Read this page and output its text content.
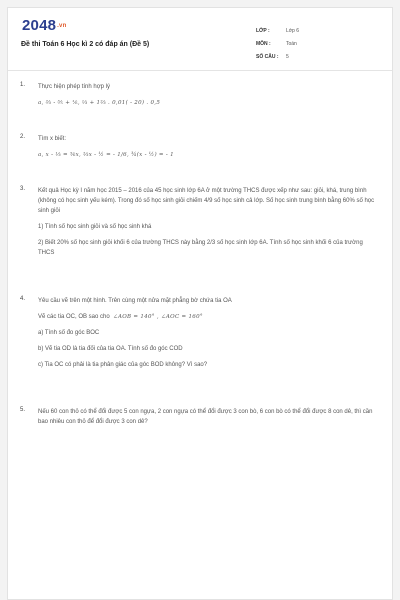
2048.vn
Đề thi Toán 6 Học kì 2 có đáp án (Đề 5)
LỚP :	Lớp 6
MÔN :	Toán
SỐ CÂU :	5
1. Thực hiện phép tính hợp lý

a, ⅔ - ⅗ + ⅙, ⅓ + 1⅔ . 0,01( - 20) . 0,5

2. Tìm x biết:

a, x - ⅓ = ⅚x, ⅔x - ½ = - 1/6, ¾(x - ½) = - 1

3. Kết quả Học kỳ I năm học 2015 – 2016 của 45 học sinh lớp 6A ở một trường THCS được xếp như sau: giỏi, khá, trung bình (không có học sinh yếu kém). Trong đó số học sinh giỏi chiếm 4/9 số học sinh cả lớp. Số học sinh trung bình bằng 60% số học sinh giỏi

1) Tính số học sinh giỏi và số học sinh khá

2) Biết 20% số học sinh giỏi khối 6 của trường THCS này bằng 2/3 số học sinh lớp 6A. Tính số học sinh khối 6 của trường THCS

4. Yêu cầu vẽ trên một hình. Trên cùng một nửa mặt phẳng bờ chứa tia OA

Vẽ các tia OC, OB sao cho ∠AOB = 140° , ∠AOC = 160°

a) Tính số đo góc BOC

b) Vẽ tia OD là tia đối của tia OA. Tính số đo góc COD

c) Tia OC có phải là tia phân giác của góc BOD không? Vì sao?

5. Nếu 60 con thỏ có thể đổi được 5 con ngựa, 2 con ngựa có thể đổi được 3 con bò, 6 con bò có thể đổi được 8 con dê, thì cần bao nhiêu con thỏ để đổi được 3 con dê?
